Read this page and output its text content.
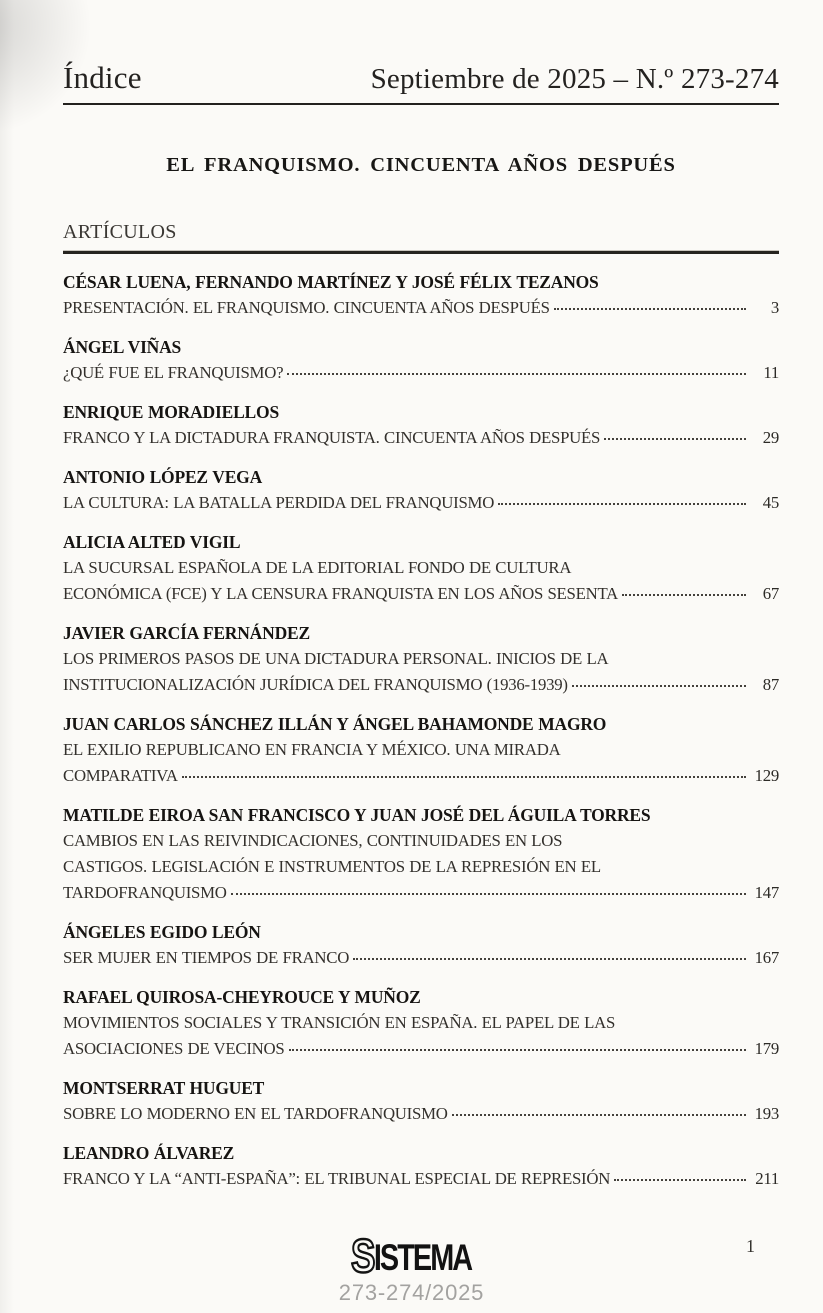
Índice	Septiembre de 2025 – N.º 273-274
EL FRANQUISMO. CINCUENTA AÑOS DESPUÉS
ARTÍCULOS
CÉSAR LUENA, FERNANDO MARTÍNEZ Y JOSÉ FÉLIX TEZANOS
PRESENTACIÓN. EL FRANQUISMO. CINCUENTA AÑOS DESPUÉS	3
ÁNGEL VIÑAS
¿QUÉ FUE EL FRANQUISMO?	11
ENRIQUE MORADIELLOS
FRANCO Y LA DICTADURA FRANQUISTA. CINCUENTA AÑOS DESPUÉS	29
ANTONIO LÓPEZ VEGA
LA CULTURA: LA BATALLA PERDIDA DEL FRANQUISMO	45
ALICIA ALTED VIGIL
LA SUCURSAL ESPAÑOLA DE LA EDITORIAL FONDO DE CULTURA
ECONÓMICA (FCE) Y LA CENSURA FRANQUISTA EN LOS AÑOS SESENTA	67
JAVIER GARCÍA FERNÁNDEZ
LOS PRIMEROS PASOS DE UNA DICTADURA PERSONAL. INICIOS DE LA
INSTITUCIONALIZACIÓN JURÍDICA DEL FRANQUISMO (1936-1939)	87
JUAN CARLOS SÁNCHEZ ILLÁN Y ÁNGEL BAHAMONDE MAGRO
EL EXILIO REPUBLICANO EN FRANCIA Y MÉXICO. UNA MIRADA
COMPARATIVA	129
MATILDE EIROA SAN FRANCISCO Y JUAN JOSÉ DEL ÁGUILA TORRES
CAMBIOS EN LAS REIVINDICACIONES, CONTINUIDADES EN LOS
CASTIGOS. LEGISLACIÓN E INSTRUMENTOS DE LA REPRESIÓN EN EL
TARDOFRANQUISMO	147
ÁNGELES EGIDO LEÓN
SER MUJER EN TIEMPOS DE FRANCO	167
RAFAEL QUIROSA-CHEYROUCE Y MUÑOZ
MOVIMIENTOS SOCIALES Y TRANSICIÓN EN ESPAÑA. EL PAPEL DE LAS
ASOCIACIONES DE VECINOS	179
MONTSERRAT HUGUET
SOBRE LO MODERNO EN EL TARDOFRANQUISMO	193
LEANDRO ÁLVAREZ
FRANCO Y LA “ANTI-ESPAÑA”: EL TRIBUNAL ESPECIAL DE REPRESIÓN	211
SISTEMA
273-274/2025
1
